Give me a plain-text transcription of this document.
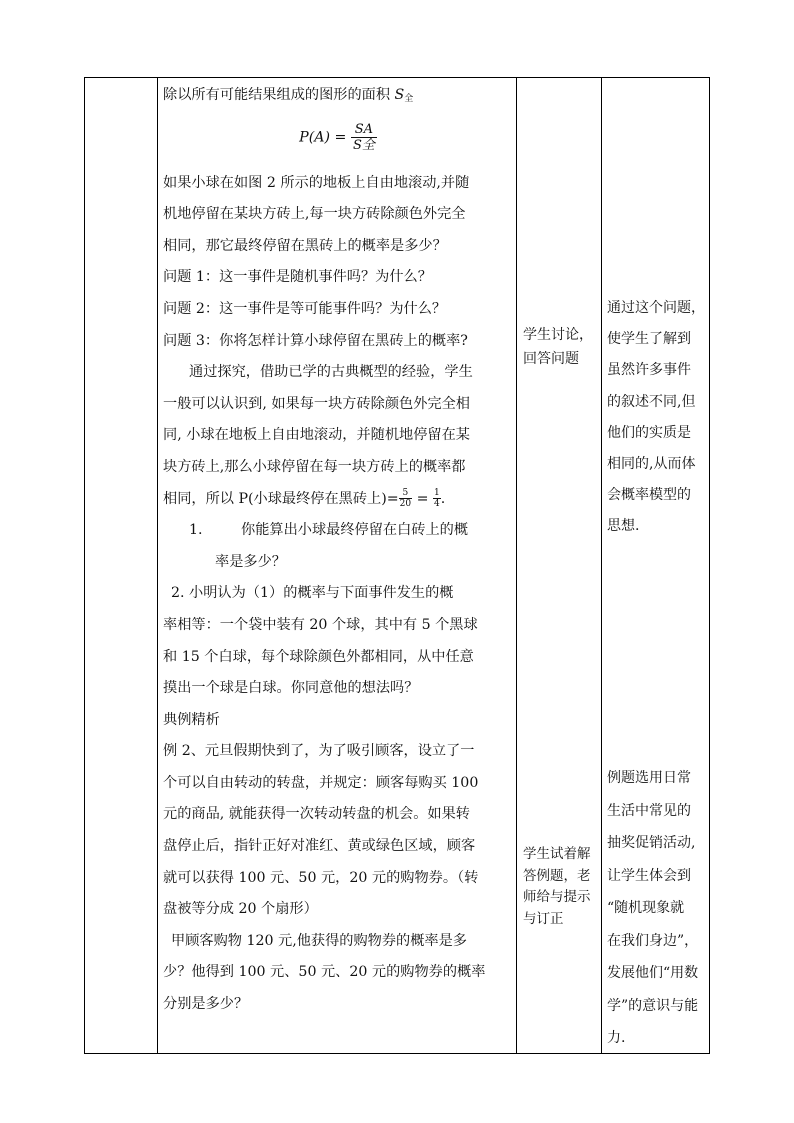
除以所有可能结果组成的图形的面积 $S_全$

$P(A) = \frac{SA}{\text{S全}}$

如果小球在如图 2 所示的地板上自由地滚动,并随

机地停留在某块方砖上,每一块方砖除颜色外完全

相同，那它最终停留在黑砖上的概率是多少？

问题 1：这一事件是随机事件吗？为什么？

问题 2：这一事件是等可能事件吗？为什么？

问题 3：你将怎样计算小球停留在黑砖上的概率?

通过探究，借助已学的古典概型的经验，学生

一般可以认识到, 如果每一块方砖除颜色外完全相

同, 小球在地板上自由地滚动，并随机地停留在某

块方砖上,那么小球停留在每一块方砖上的概率都

相同，所以 P(小球最终停在黑砖上)= $\frac{5}{20} = \frac{1}{4}$ .

1.	你能算出小球最终停留在白砖上的概

率是多少？

2. 小明认为（1）的概率与下面事件发生的概

率相等：一个袋中装有 20 个球，其中有 5 个黑球

和 15 个白球，每个球除颜色外都相同，从中任意

摸出一个球是白球。你同意他的想法吗？

典例精析

例 2、元旦假期快到了，为了吸引顾客，设立了一

个可以自由转动的转盘，并规定：顾客每购买 100

元的商品, 就能获得一次转动转盘的机会。如果转

盘停止后，指针正好对准红、黄或绿色区域，顾客

就可以获得 100 元、50 元，20 元的购物券。（转

盘被等分成 20 个扇形）

甲顾客购物 120 元,他获得的购物券的概率是多

少？他得到 100 元、50 元、20 元的购物券的概率

分别是多少？

学生讨论，

回答问题

学生试着解

答例题，老

师给与提示

与订正

通过这个问题，

使学生了解到

虽然许多事件

的叙述不同,但

他们的实质是

相同的,从而体

会概率模型的

思想.

例题选用日常

生活中常见的

抽奖促销活动,

让学生体会到

“随机现象就

在我们身边”，

发展他们“用数

学”的意识与能

力.
